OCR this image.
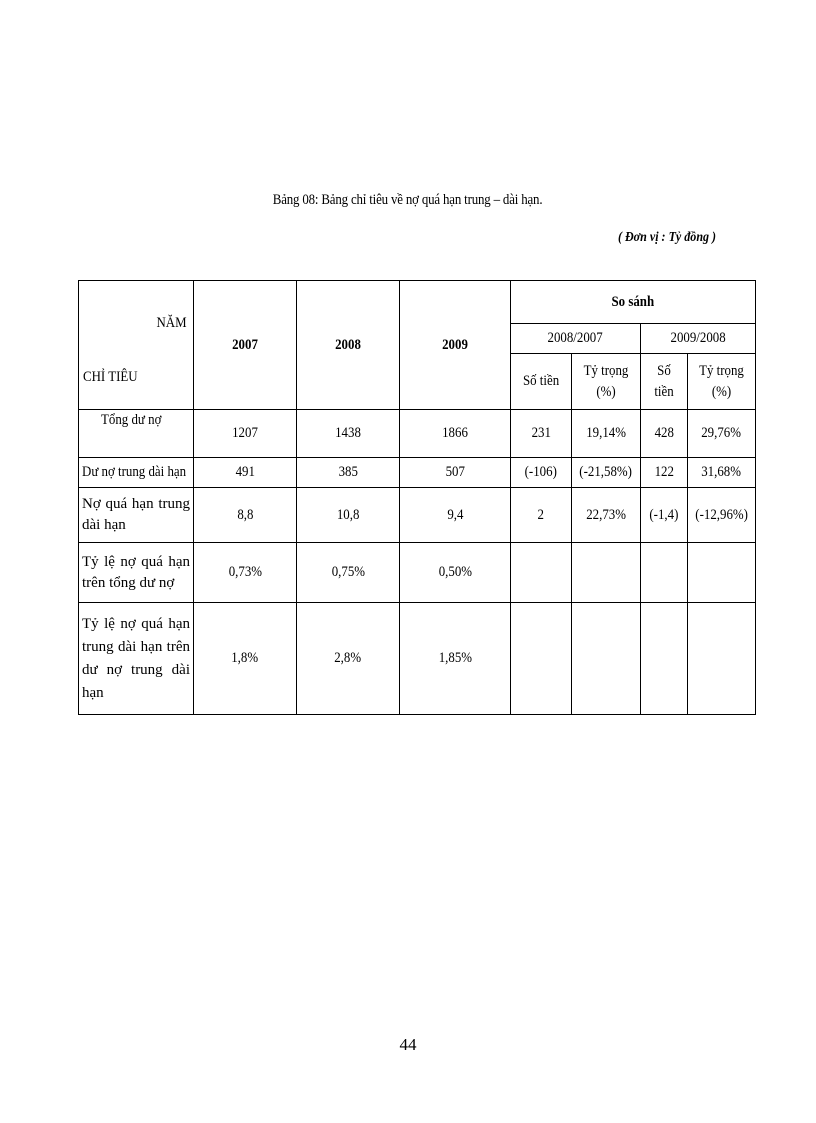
Bảng 08: Bảng chỉ tiêu về nợ quá hạn trung – dài hạn.
( Đơn vị : Tỷ đồng )
NĂM
CHỈ TIÊU	2007	2008	2009	So sánh			
				2008/2007		2009/2008	
				Số tiền	Tỷ trọng (%)	Số tiền	Tỷ trọng (%)
Tổng dư nợ	1207	1438	1866	231	19,14%	428	29,76%
Dư nợ trung dài hạn	491	385	507	(-106)	(-21,58%)	122	31,68%

Nợ quá hạn trung dài hạn	8,8	10,8	9,4	2	22,73%	(-1,4)	(-12,96%)

Tỷ lệ nợ quá hạn trên tổng dư nợ	0,73%	0,75%	0,50%				

Tỷ lệ nợ quá hạn trung dài hạn trên dư nợ trung dài hạn	1,8%	2,8%	1,85%				
44
